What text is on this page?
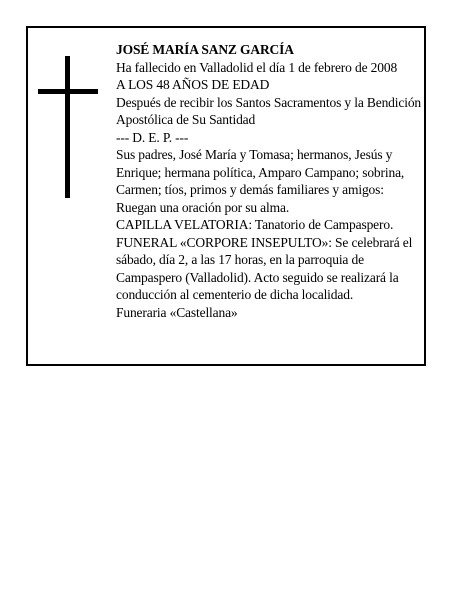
JOSÉ MARÍA SANZ GARCÍA

Ha fallecido en Valladolid el día 1 de febrero de 2008

A LOS 48 AÑOS DE EDAD

Después de recibir los Santos Sacramentos y la Bendición Apostólica de Su Santidad

--- D. E. P. ---

Sus padres, José María y Tomasa; hermanos, Jesús y Enrique; hermana política, Amparo Campano; sobrina, Carmen; tíos, primos y demás familiares y amigos:

Ruegan una oración por su alma.

CAPILLA VELATORIA: Tanatorio de Campaspero.

FUNERAL «CORPORE INSEPULTO»: Se celebrará el sábado, día 2, a las 17 horas, en la parroquia de Campaspero (Valladolid). Acto seguido se realizará la conducción al cementerio de dicha localidad.

Funeraria «Castellana»
